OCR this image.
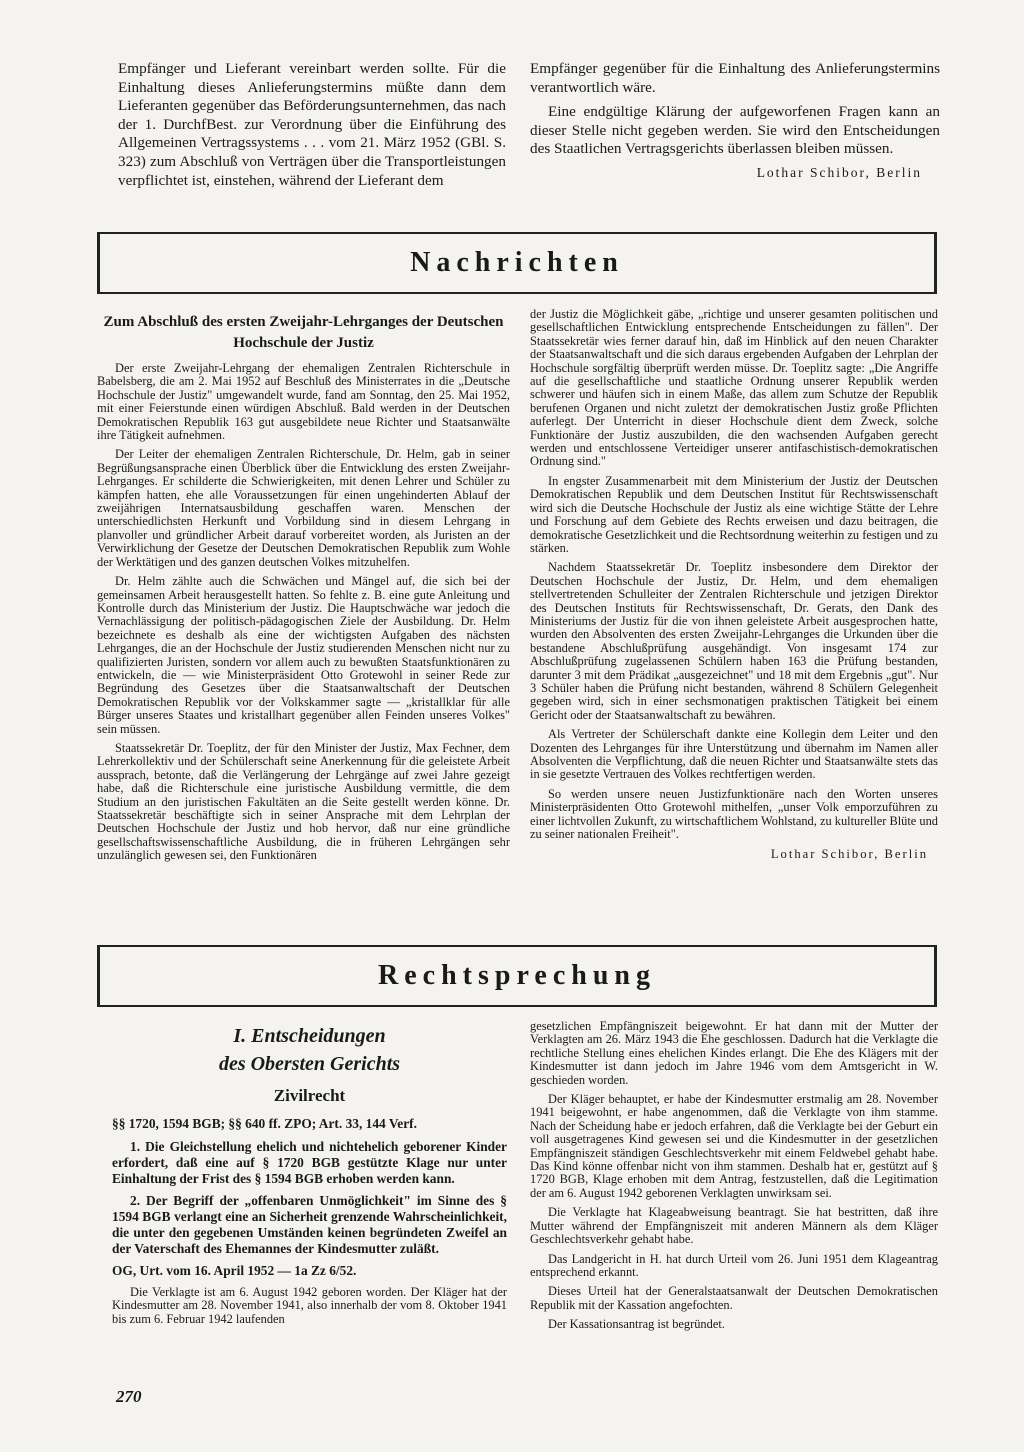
Empfänger und Lieferant vereinbart werden sollte. Für die Einhaltung dieses Anlieferungstermins müßte dann dem Lieferanten gegenüber das Beförderungsunternehmen, das nach der 1. DurchfBest. zur Verordnung über die Einführung des Allgemeinen Vertragssystems . . . vom 21. März 1952 (GBl. S. 323) zum Abschluß von Verträgen über die Transportleistungen verpflichtet ist, einstehen, während der Lieferant dem

Empfänger gegenüber für die Einhaltung des Anlieferungstermins verantwortlich wäre.

Eine endgültige Klärung der aufgeworfenen Fragen kann an dieser Stelle nicht gegeben werden. Sie wird den Entscheidungen des Staatlichen Vertragsgerichts überlassen bleiben müssen.

Lothar Schibor, Berlin

Nachrichten

Zum Abschluß des ersten Zweijahr-Lehrganges der Deutschen Hochschule der Justiz

Der erste Zweijahr-Lehrgang der ehemaligen Zentralen Richterschule in Babelsberg, die am 2. Mai 1952 auf Beschluß des Ministerrates in die „Deutsche Hochschule der Justiz" umgewandelt wurde, fand am Sonntag, den 25. Mai 1952, mit einer Feierstunde einen würdigen Abschluß. Bald werden in der Deutschen Demokratischen Republik 163 gut ausgebildete neue Richter und Staatsanwälte ihre Tätigkeit aufnehmen.

Der Leiter der ehemaligen Zentralen Richterschule, Dr. Helm, gab in seiner Begrüßungsansprache einen Überblick über die Entwicklung des ersten Zweijahr-Lehrganges. Er schilderte die Schwierigkeiten, mit denen Lehrer und Schüler zu kämpfen hatten, ehe alle Voraussetzungen für einen ungehinderten Ablauf der zweijährigen Internatsausbildung geschaffen waren. Menschen der unterschiedlichsten Herkunft und Vorbildung sind in diesem Lehrgang in planvoller und gründlicher Arbeit darauf vorbereitet worden, als Juristen an der Verwirklichung der Gesetze der Deutschen Demokratischen Republik zum Wohle der Werktätigen und des ganzen deutschen Volkes mitzuhelfen.

Dr. Helm zählte auch die Schwächen und Mängel auf, die sich bei der gemeinsamen Arbeit herausgestellt hatten. So fehlte z. B. eine gute Anleitung und Kontrolle durch das Ministerium der Justiz. Die Hauptschwäche war jedoch die Vernachlässigung der politisch-pädagogischen Ziele der Ausbildung. Dr. Helm bezeichnete es deshalb als eine der wichtigsten Aufgaben des nächsten Lehrganges, die an der Hochschule der Justiz studierenden Menschen nicht nur zu qualifizierten Juristen, sondern vor allem auch zu bewußten Staatsfunktionären zu entwickeln, die — wie Ministerpräsident Otto Grotewohl in seiner Rede zur Begründung des Gesetzes über die Staatsanwaltschaft der Deutschen Demokratischen Republik vor der Volkskammer sagte — „kristallklar für alle Bürger unseres Staates und kristallhart gegenüber allen Feinden unseres Volkes" sein müssen.

Staatssekretär Dr. Toeplitz, der für den Minister der Justiz, Max Fechner, dem Lehrerkollektiv und der Schülerschaft seine Anerkennung für die geleistete Arbeit aussprach, betonte, daß die Verlängerung der Lehrgänge auf zwei Jahre gezeigt habe, daß die Richterschule eine juristische Ausbildung vermittle, die dem Studium an den juristischen Fakultäten an die Seite gestellt werden könne. Dr. Staatssekretär beschäftigte sich in seiner Ansprache mit dem Lehrplan der Deutschen Hochschule der Justiz und hob hervor, daß nur eine gründliche gesellschaftswissenschaftliche Ausbildung, die in früheren Lehrgängen sehr unzulänglich gewesen sei, den Funktionären

der Justiz die Möglichkeit gäbe, „richtige und unserer gesamten politischen und gesellschaftlichen Entwicklung entsprechende Entscheidungen zu fällen". Der Staatssekretär wies ferner darauf hin, daß im Hinblick auf den neuen Charakter der Staatsanwaltschaft und die sich daraus ergebenden Aufgaben der Lehrplan der Hochschule sorgfältig überprüft werden müsse. Dr. Toeplitz sagte: „Die Angriffe auf die gesellschaftliche und staatliche Ordnung unserer Republik werden schwerer und häufen sich in einem Maße, das allem zum Schutze der Republik berufenen Organen und nicht zuletzt der demokratischen Justiz große Pflichten auferlegt. Der Unterricht in dieser Hochschule dient dem Zweck, solche Funktionäre der Justiz auszubilden, die den wachsenden Aufgaben gerecht werden und entschlossene Verteidiger unserer antifaschistisch-demokratischen Ordnung sind."

In engster Zusammenarbeit mit dem Ministerium der Justiz der Deutschen Demokratischen Republik und dem Deutschen Institut für Rechtswissenschaft wird sich die Deutsche Hochschule der Justiz als eine wichtige Stätte der Lehre und Forschung auf dem Gebiete des Rechts erweisen und dazu beitragen, die demokratische Gesetzlichkeit und die Rechtsordnung weiterhin zu festigen und zu stärken.

Nachdem Staatssekretär Dr. Toeplitz insbesondere dem Direktor der Deutschen Hochschule der Justiz, Dr. Helm, und dem ehemaligen stellvertretenden Schulleiter der Zentralen Richterschule und jetzigen Direktor des Deutschen Instituts für Rechtswissenschaft, Dr. Gerats, den Dank des Ministeriums der Justiz für die von ihnen geleistete Arbeit ausgesprochen hatte, wurden den Absolventen des ersten Zweijahr-Lehrganges die Urkunden über die bestandene Abschlußprüfung ausgehändigt. Von insgesamt 174 zur Abschlußprüfung zugelassenen Schülern haben 163 die Prüfung bestanden, darunter 3 mit dem Prädikat „ausgezeichnet" und 18 mit dem Ergebnis „gut". Nur 3 Schüler haben die Prüfung nicht bestanden, während 8 Schülern Gelegenheit gegeben wird, sich in einer sechsmonatigen praktischen Tätigkeit bei einem Gericht oder der Staatsanwaltschaft zu bewähren.

Als Vertreter der Schülerschaft dankte eine Kollegin dem Leiter und den Dozenten des Lehrganges für ihre Unterstützung und übernahm im Namen aller Absolventen die Verpflichtung, daß die neuen Richter und Staatsanwälte stets das in sie gesetzte Vertrauen des Volkes rechtfertigen werden.

So werden unsere neuen Justizfunktionäre nach den Worten unseres Ministerpräsidenten Otto Grotewohl mithelfen, „unser Volk emporzuführen zu einer lichtvollen Zukunft, zu wirtschaftlichem Wohlstand, zu kultureller Blüte und zu seiner nationalen Freiheit".

Lothar Schibor, Berlin

Rechtsprechung

I. Entscheidungen

des Obersten Gerichts

Zivilrecht

§§ 1720, 1594 BGB; §§ 640 ff. ZPO; Art. 33, 144 Verf.

1. Die Gleichstellung ehelich und nichtehelich geborener Kinder erfordert, daß eine auf § 1720 BGB gestützte Klage nur unter Einhaltung der Frist des § 1594 BGB erhoben werden kann.

2. Der Begriff der „offenbaren Unmöglichkeit" im Sinne des § 1594 BGB verlangt eine an Sicherheit grenzende Wahrscheinlichkeit, die unter den gegebenen Umständen keinen begründeten Zweifel an der Vaterschaft des Ehemannes der Kindesmutter zuläßt.

OG, Urt. vom 16. April 1952 — 1a Zz 6/52.

Die Verklagte ist am 6. August 1942 geboren worden. Der Kläger hat der Kindesmutter am 28. November 1941, also innerhalb der vom 8. Oktober 1941 bis zum 6. Februar 1942 laufenden

gesetzlichen Empfängniszeit beigewohnt. Er hat dann mit der Mutter der Verklagten am 26. März 1943 die Ehe geschlossen. Dadurch hat die Verklagte die rechtliche Stellung eines ehelichen Kindes erlangt. Die Ehe des Klägers mit der Kindesmutter ist dann jedoch im Jahre 1946 vom dem Amtsgericht in W. geschieden worden.

Der Kläger behauptet, er habe der Kindesmutter erstmalig am 28. November 1941 beigewohnt, er habe angenommen, daß die Verklagte von ihm stamme. Nach der Scheidung habe er jedoch erfahren, daß die Verklagte bei der Geburt ein voll ausgetragenes Kind gewesen sei und die Kindesmutter in der gesetzlichen Empfängniszeit ständigen Geschlechtsverkehr mit einem Feldwebel gehabt habe. Das Kind könne offenbar nicht von ihm stammen. Deshalb hat er, gestützt auf § 1720 BGB, Klage erhoben mit dem Antrag, festzustellen, daß die Legitimation der am 6. August 1942 geborenen Verklagten unwirksam sei.

Die Verklagte hat Klageabweisung beantragt. Sie hat bestritten, daß ihre Mutter während der Empfängniszeit mit anderen Männern als dem Kläger Geschlechtsverkehr gehabt habe.

Das Landgericht in H. hat durch Urteil vom 26. Juni 1951 dem Klageantrag entsprechend erkannt.

Dieses Urteil hat der Generalstaatsanwalt der Deutschen Demokratischen Republik mit der Kassation angefochten.

Der Kassationsantrag ist begründet.

270
